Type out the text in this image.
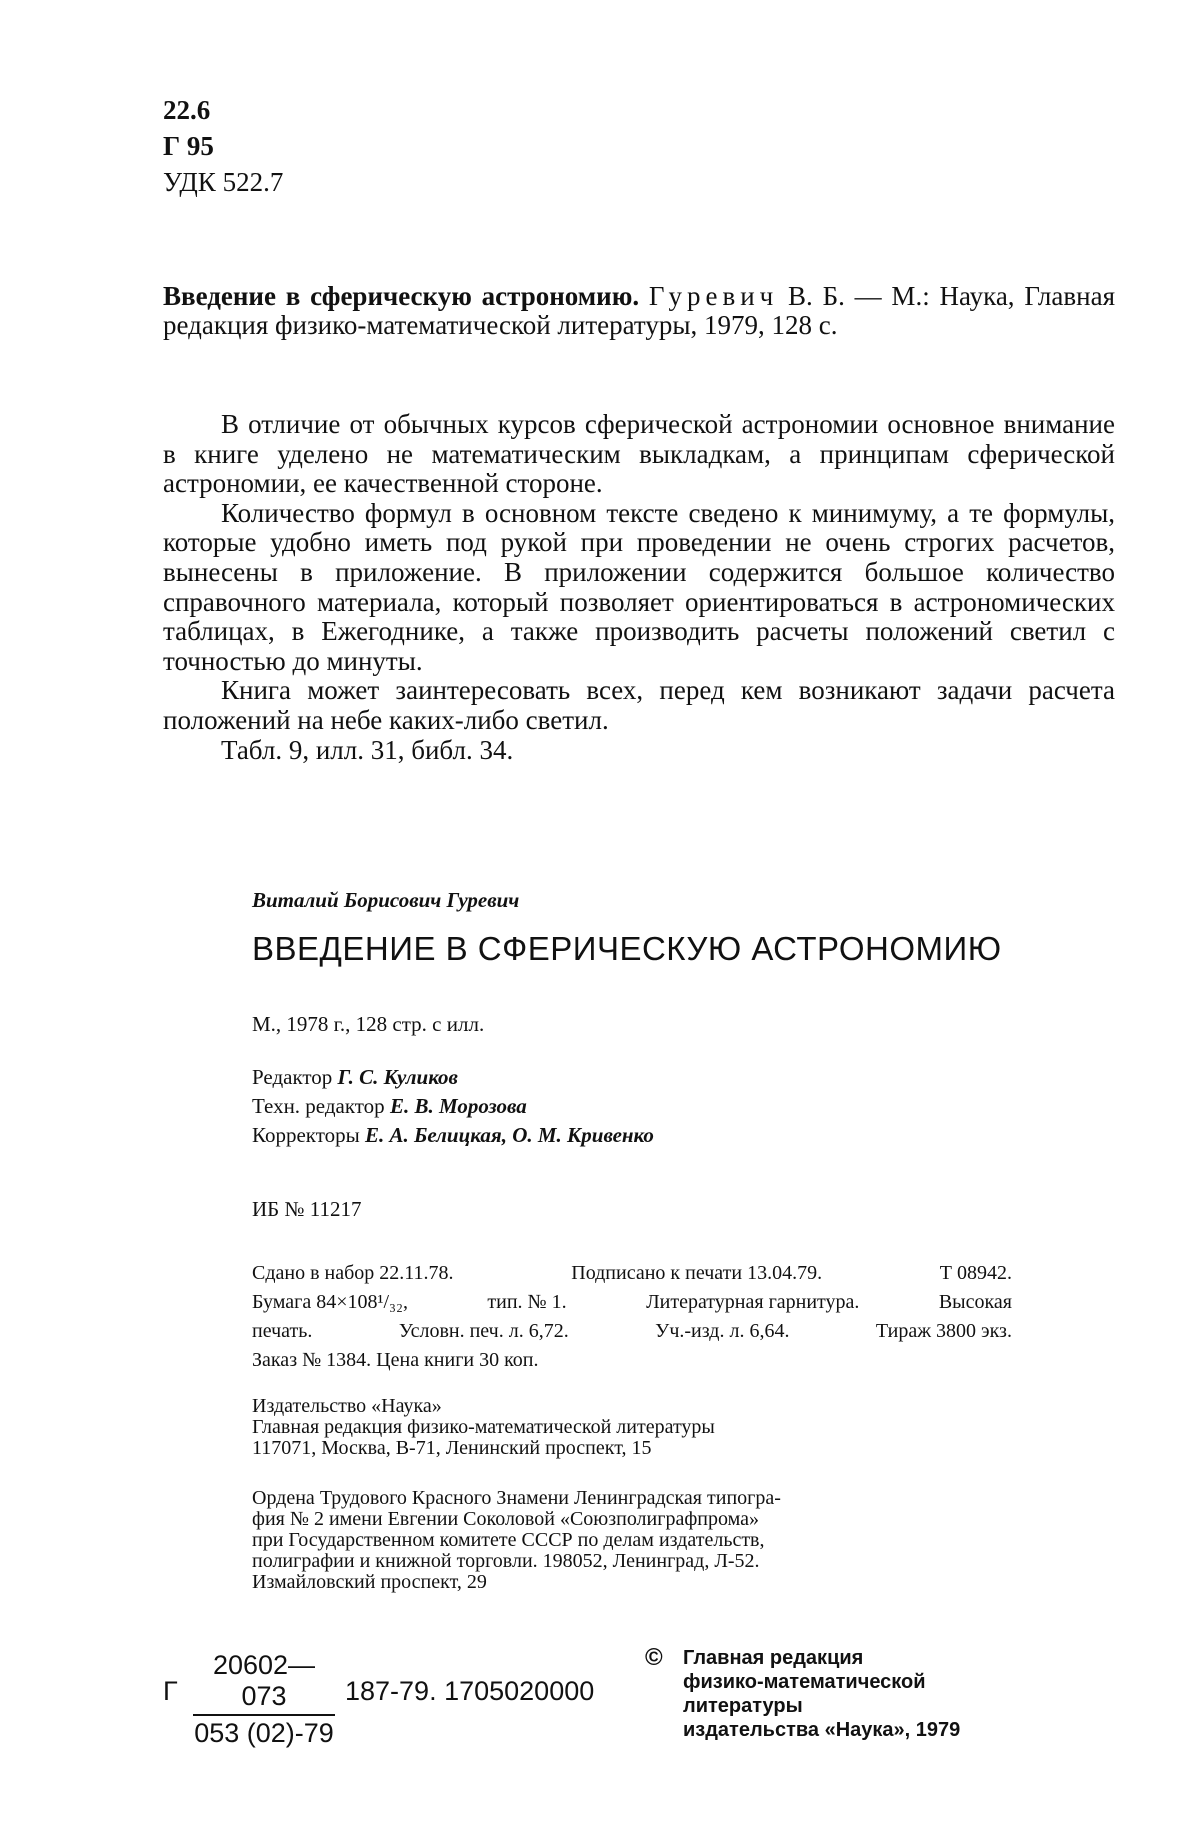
22.6
Г 95
УДК 522.7
Введение в сферическую астрономию. Гуревич В. Б. — М.: Наука, Главная редакция физико-математической литературы, 1979, 128 с.

В отличие от обычных курсов сферической астрономии основное внимание в книге уделено не математическим выкладкам, а принципам сферической астрономии, ее качественной стороне.

Количество формул в основном тексте сведено к минимуму, а те формулы, которые удобно иметь под рукой при проведении не очень строгих расчетов, вынесены в приложение. В приложении содержится большое количество справочного материала, который позволяет ориентироваться в астрономических таблицах, в Ежегоднике, а также производить расчеты положений светил с точностью до минуты.

Книга может заинтересовать всех, перед кем возникают задачи расчета положений на небе каких-либо светил.

Табл. 9, илл. 31, библ. 34.

Виталий Борисович Гуревич
ВВЕДЕНИЕ В СФЕРИЧЕСКУЮ АСТРОНОМИЮ
М., 1978 г., 128 стр. с илл.
Редактор Г. С. Куликов
Техн. редактор Е. В. Морозова
Корректоры Е. А. Белицкая, О. М. Кривенко
ИБ № 11217
Сдано в набор 22.11.78.	Подписано к печати 13.04.79.	Т 08942.
Бумага 84×108¹/₃₂,	тип. № 1.	Литературная гарнитура.	Высокая
печать.	Условн. печ. л. 6,72.	Уч.-изд. л. 6,64.	Тираж 3800 экз.
Заказ № 1384. Цена книги 30 коп.
Издательство «Наука»
Главная редакция физико-математической литературы
117071, Москва, В-71, Ленинский проспект, 15
Ордена Трудового Красного Знамени Ленинградская типогра-
фия № 2 имени Евгении Соколовой «Союзполиграфпрома»
при Государственном комитете СССР по делам издательств,
полиграфии и книжной торговли. 198052, Ленинград, Л-52.
Измайловский проспект, 29
Г $\frac{20602—073}{053 (02)-79} 187-79$. 1705020000
© Главная редакция
физико-математической
литературы
издательства «Наука», 1979
